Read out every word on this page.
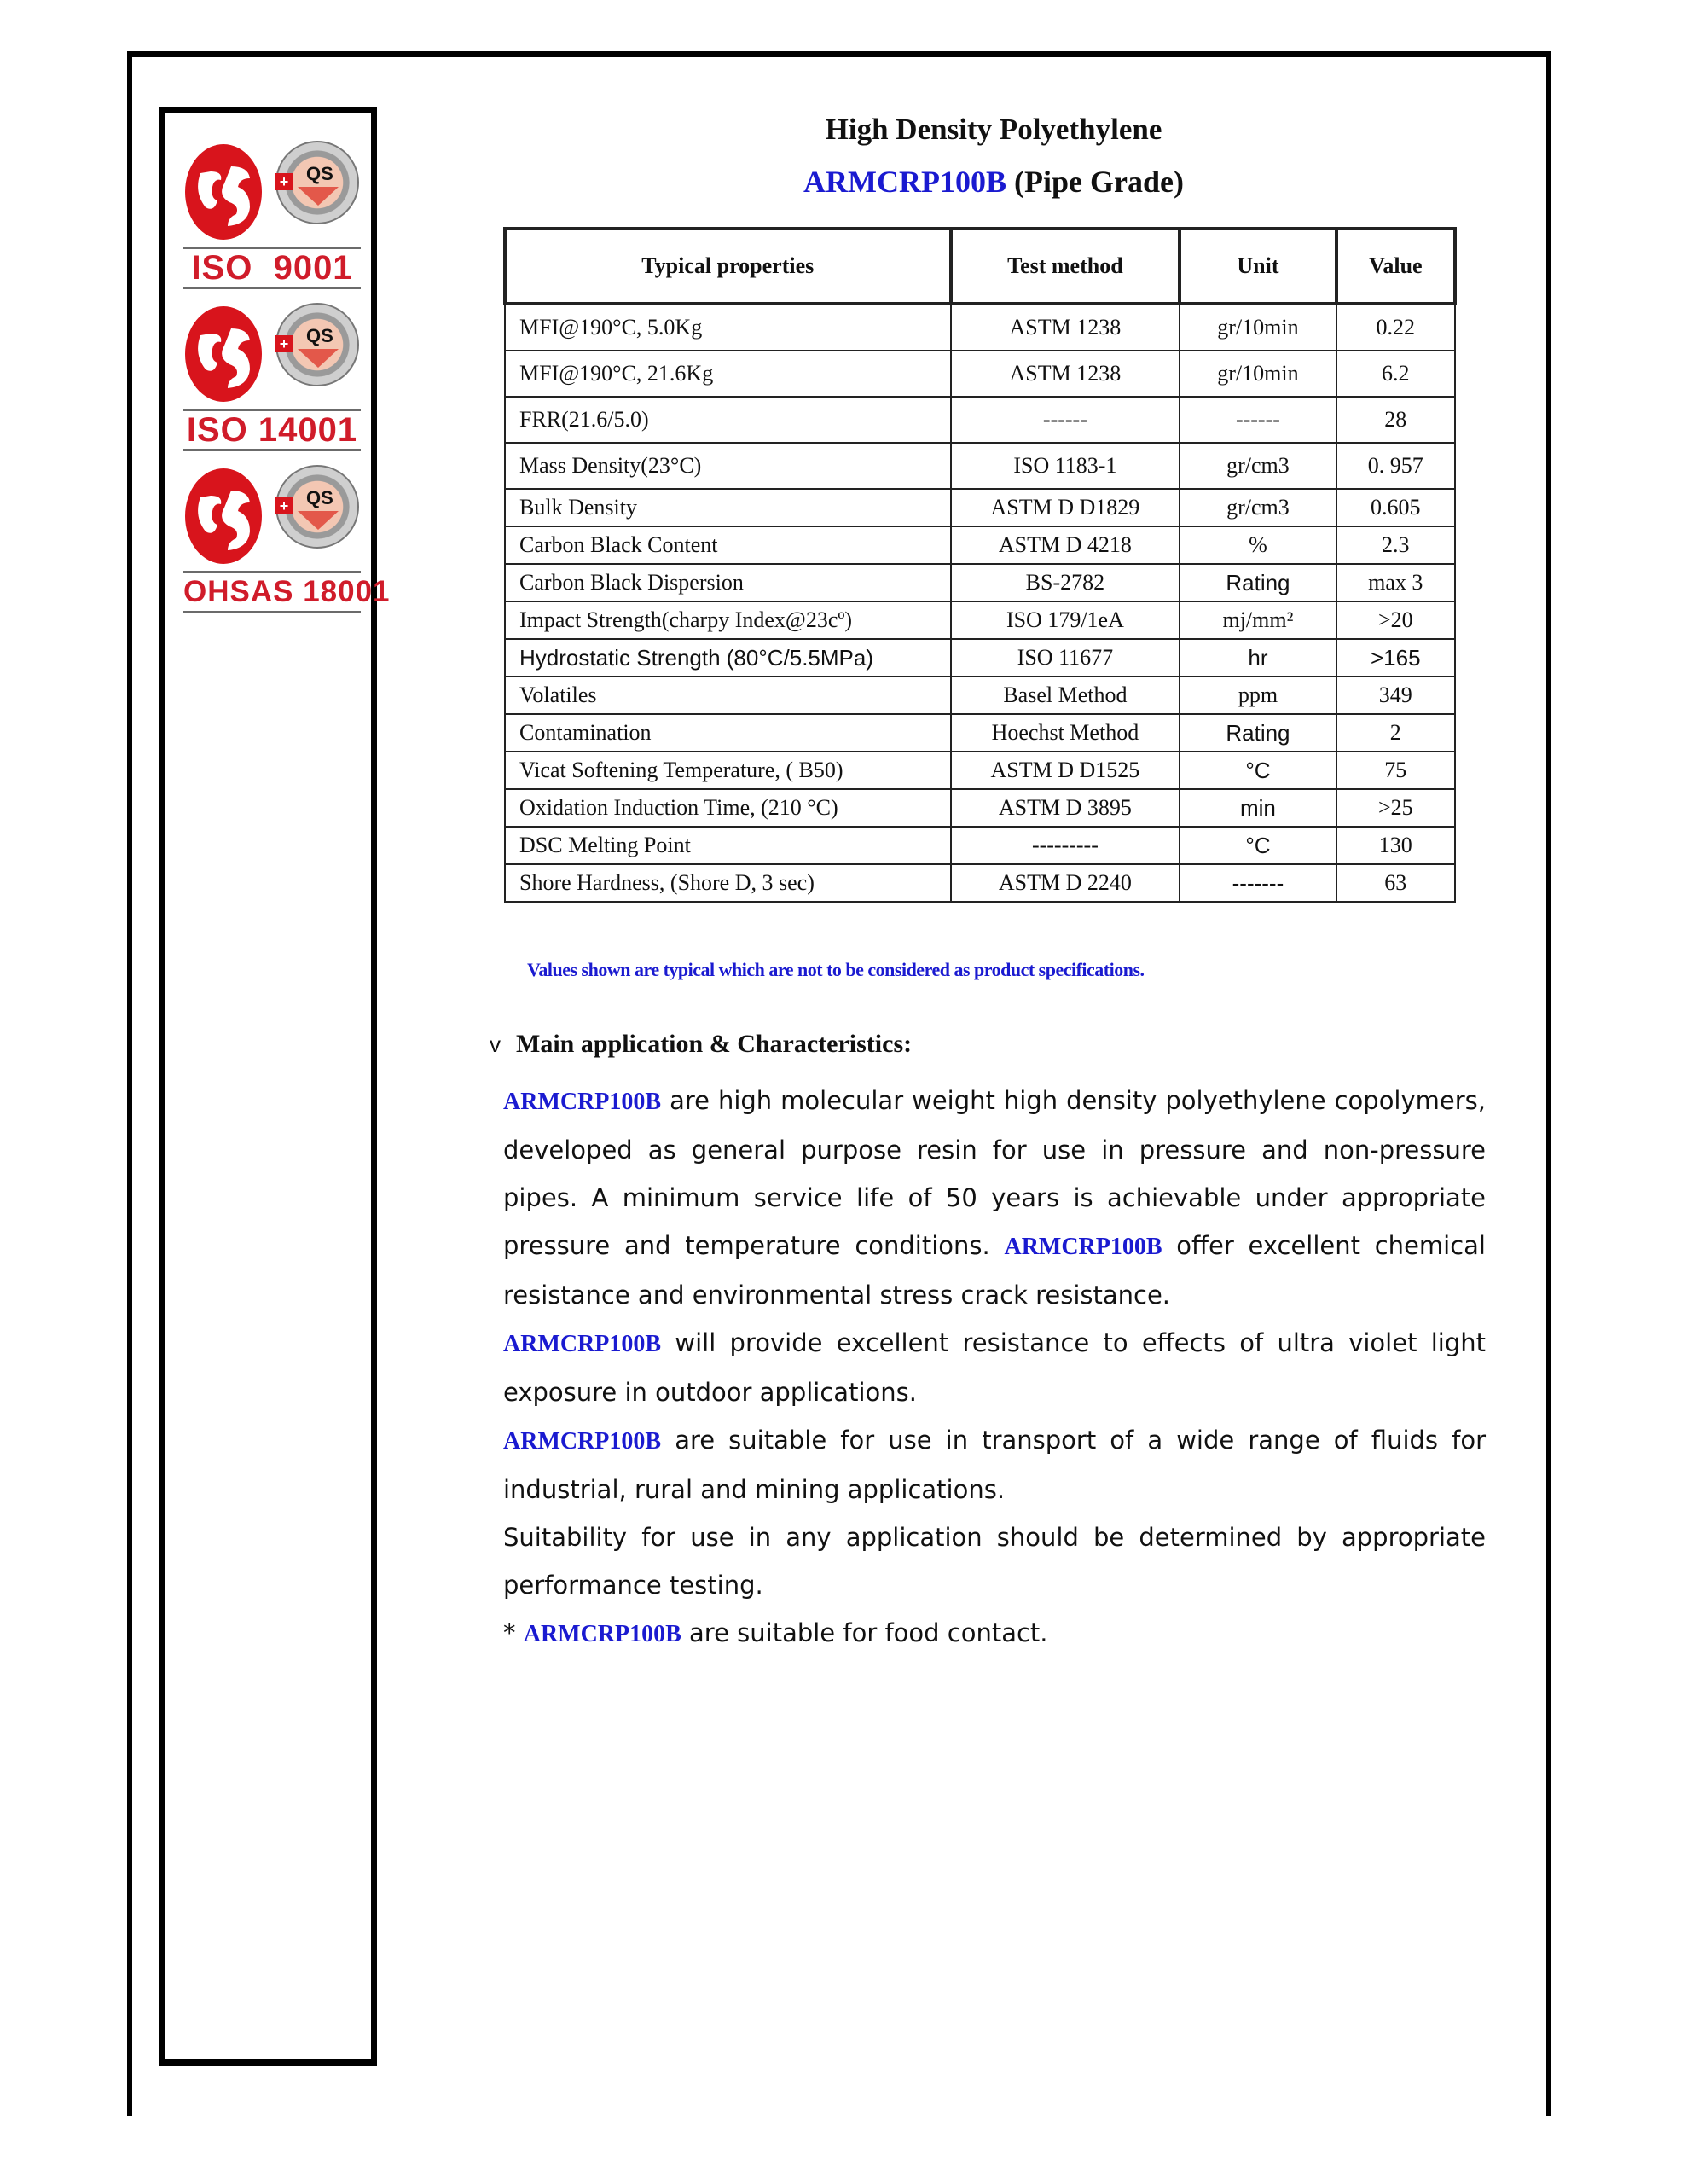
+ QS
ISO  9001
+ QS
ISO 14001
+ QS
OHSAS 18001
High Density Polyethylene
ARMCRP100B (Pipe Grade)
Typical properties	Test method	Unit	Value
MFI@190°C, 5.0Kg	ASTM 1238	gr/10min	0.22
MFI@190°C, 21.6Kg	ASTM 1238	gr/10min	6.2
FRR(21.6/5.0)	------	------	28
Mass Density(23°C)	ISO 1183-1	gr/cm3	0. 957
Bulk Density	ASTM D D1829	gr/cm3	0.605
Carbon Black Content	ASTM D 4218	%	2.3
Carbon Black Dispersion	BS-2782	Rating	max 3
Impact Strength(charpy Index@23cº)	ISO 179/1eA	mj/mm²	>20
Hydrostatic Strength (80°C/5.5MPa)	ISO 11677	hr	>165
Volatiles	Basel Method	ppm	349
Contamination	Hoechst Method	Rating	2
Vicat Softening Temperature, ( B50)	ASTM D D1525	°C	75
Oxidation Induction Time, (210 °C)	ASTM D 3895	min	>25
DSC Melting Point	---------	°C	130
Shore Hardness, (Shore D, 3 sec)	ASTM D 2240	-------	63
Values shown are typical which are not to be considered as product specifications.
v Main application & Characteristics:

ARMCRP100B are high molecular weight high density polyethylene copolymers, developed as general purpose resin for use in pressure and non-pressure pipes. A minimum service life of 50 years is achievable under appropriate pressure and temperature conditions. ARMCRP100B offer excellent chemical resistance and environmental stress crack resistance.

ARMCRP100B will provide excellent resistance to effects of ultra violet light exposure in outdoor applications.

ARMCRP100B are suitable for use in transport of a wide range of fluids for industrial, rural and mining applications.

Suitability for use in any application should be determined by appropriate performance testing.

* ARMCRP100B are suitable for food contact.
